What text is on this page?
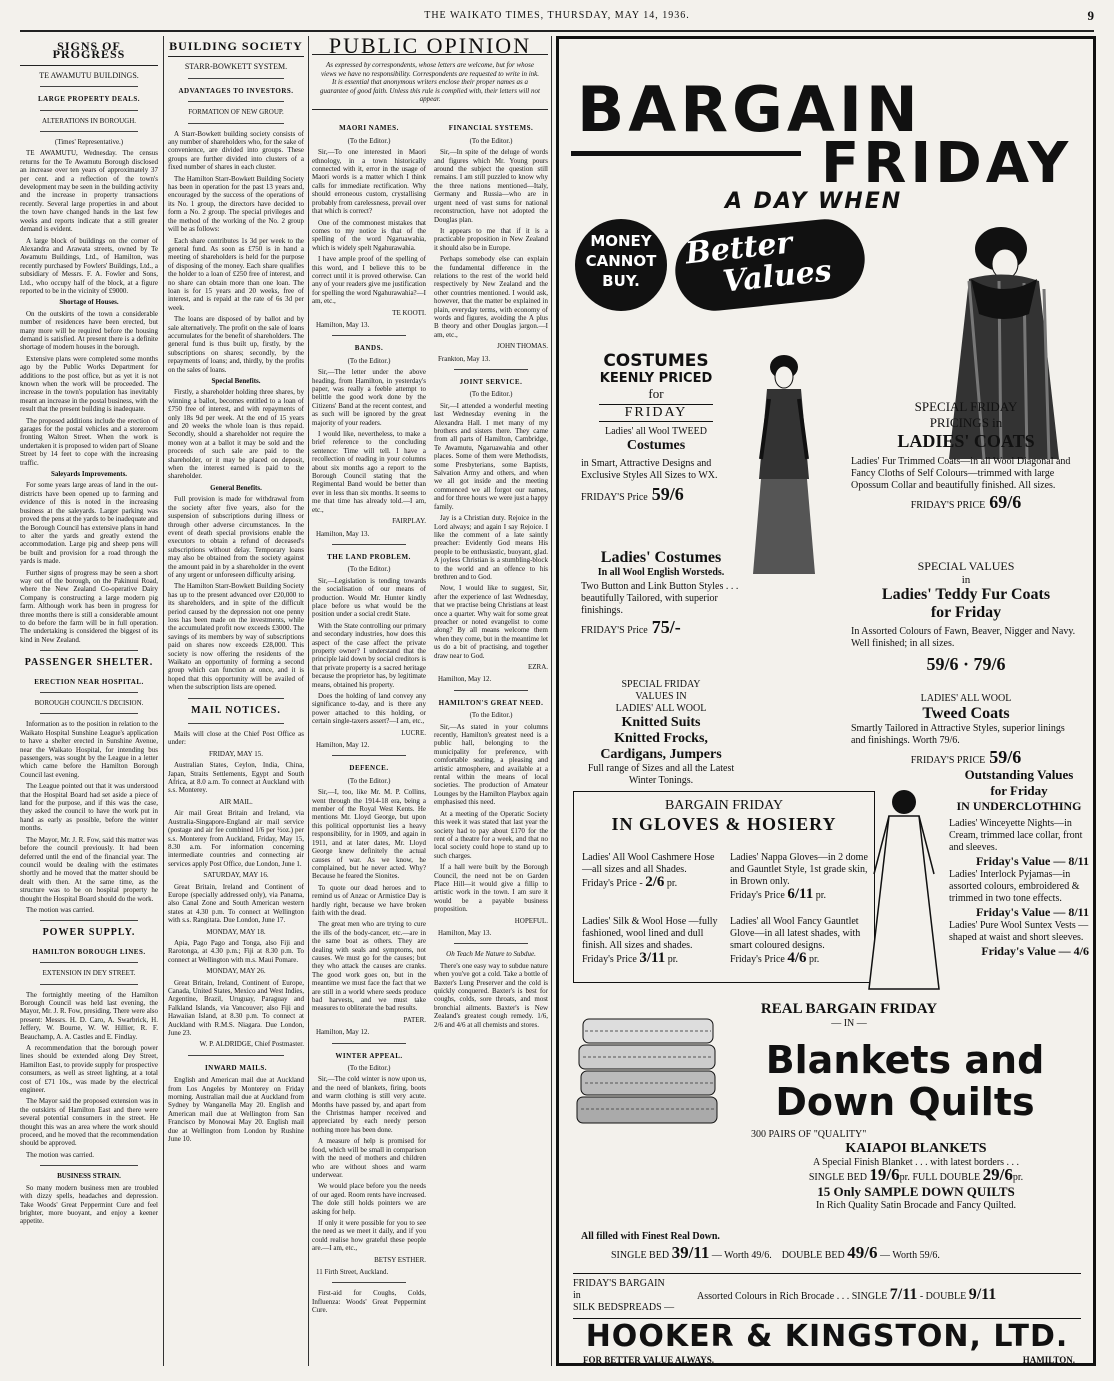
THE WAIKATO TIMES, THURSDAY, MAY 14, 1936.	9
SIGNS OF PROGRESS
TE AWAMUTU BUILDINGS.
LARGE PROPERTY DEALS.
ALTERATIONS IN BOROUGH.
(Times' Representative.)

TE AWAMUTU, Wednesday. The census returns for the Te Awamutu Borough disclosed an increase over ten years of approximately 37 per cent. and a reflection of the town's development may be seen in the building activity and the increase in property transactions recently. Several large properties in and about the town have changed hands in the last few weeks and reports indicate that a still greater demand is evident.

A large block of buildings on the corner of Alexandra and Arawata streets, owned by Te Awamutu Buildings, Ltd., of Hamilton, was recently purchased by Fowlers' Buildings, Ltd., a subsidiary of Messrs. F. A. Fowler and Sons, Ltd., who occupy half of the block, at a figure reported to be in the vicinity of £9000.

Shortage of Houses.

On the outskirts of the town a considerable number of residences have been erected, but many more will be required before the housing demand is satisfied. At present there is a definite shortage of modern houses in the borough.

Extensive plans were completed some months ago by the Public Works Department for additions to the post office, but as yet it is not known when the work will be proceeded. The increase in the town's population has inevitably meant an increase in the postal business, with the result that the present building is inadequate.

The proposed additions include the erection of garages for the postal vehicles and a storeroom fronting Walton Street. When the work is undertaken it is proposed to widen part of Sloane Street by 14 feet to cope with the increasing traffic.

Saleyards Improvements.

For some years large areas of land in the out-districts have been opened up to farming and evidence of this is noted in the increasing business at the saleyards. Larger parking was proved the pens at the yards to be inadequate and the Borough Council has extensive plans in hand to alter the yards and greatly extend the accommodation. Large pig and sheep pens will be built and provision for a road through the yards is made.

Further signs of progress may be seen a short way out of the borough, on the Pakinuui Road, where the New Zealand Co-operative Dairy Company is constructing a large modern pig farm. Although work has been in progress for three months there is still a considerable amount to do before the farm will be in full operation. The undertaking is considered the biggest of its kind in New Zealand.

PASSENGER SHELTER.
ERECTION NEAR HOSPITAL.
BOROUGH COUNCIL'S DECISION.

Information as to the position in relation to the Waikato Hospital Sunshine League's application to have a shelter erected in Sunshine Avenue, near the Waikato Hospital, for intending bus passengers, was sought by the League in a letter which came before the Hamilton Borough Council last evening.

The League pointed out that it was understood that the Hospital Board had set aside a piece of land for the purpose, and if this was the case, they asked the council to have the work put in hand as early as possible, before the winter months.

The Mayor, Mr. J. R. Fow, said this matter was before the council previously. It had been deferred until the end of the financial year. The council would be dealing with the estimates shortly and he moved that the matter should be dealt with then. At the same time, as the structure was to be on hospital property he thought the Hospital Board should do the work.

The motion was carried.

POWER SUPPLY.
HAMILTON BOROUGH LINES.
EXTENSION IN DEY STREET.

The fortnightly meeting of the Hamilton Borough Council was held last evening, the Mayor, Mr. J. R. Fow, presiding. There were also present: Messrs. H. D. Caro, A. Swarbrick, H. Jeffery, W. Bourne, W. W. Hillier, R. F. Beauchamp, A. A. Castles and E. Findlay.

A recommendation that the borough power lines should be extended along Dey Street, Hamilton East, to provide supply for prospective consumers, as well as street lighting, at a total cost of £71 10s., was made by the electrical engineer.

The Mayor said the proposed extension was in the outskirts of Hamilton East and there were several potential consumers in the street. He thought this was an area where the work should proceed, and he moved that the recommendation should be approved.

The motion was carried.

BUSINESS STRAIN.

So many modern business men are troubled with dizzy spells, headaches and depression. Take Woods' Great Peppermint Cure and feel brighter, more buoyant, and enjoy a keener appetite.

BUILDING SOCIETY
STARR-BOWKETT SYSTEM.
ADVANTAGES TO INVESTORS.
FORMATION OF NEW GROUP.

A Starr-Bowkett building society consists of any number of shareholders who, for the sake of convenience, are divided into groups. These groups are further divided into clusters of a fixed number of shares in each cluster.

The Hamilton Starr-Bowkett Building Society has been in operation for the past 13 years and, encouraged by the success of the operations of its No. 1 group, the directors have decided to form a No. 2 group. The special privileges and the method of the working of the No. 2 group will be as follows:

Each share contributes 1s 3d per week to the general fund. As soon as £750 is in hand a meeting of shareholders is held for the purpose of disposing of the money. Each share qualifies the holder to a loan of £250 free of interest, and no share can obtain more than one loan. The loan is for 15 years and 20 weeks, free of interest, and is repaid at the rate of 6s 3d per week.

The loans are disposed of by ballot and by sale alternatively. The profit on the sale of loans accumulates for the benefit of shareholders. The general fund is thus built up, firstly, by the subscriptions on shares; secondly, by the repayments of loans; and, thirdly, by the profits on the sales of loans.

Special Benefits.

Firstly, a shareholder holding three shares, by winning a ballot, becomes entitled to a loan of £750 free of interest, and with repayments of only 18s 9d per week. At the end of 15 years and 20 weeks the whole loan is thus repaid. Secondly, should a shareholder not require the money won at a ballot it may be sold and the proceeds of such sale are paid to the shareholder, or it may be placed on deposit, when the interest earned is paid to the shareholder.

General Benefits.

Full provision is made for withdrawal from the society after five years, also for the suspension of subscriptions during illness or through other adverse circumstances. In the event of death special provisions enable the executors to obtain a refund of deceased's subscriptions without delay. Temporary loans may also be obtained from the society against the amount paid in by a shareholder in the event of any urgent or unforeseen difficulty arising.

The Hamilton Starr-Bowkett Building Society has up to the present advanced over £20,000 to its shareholders, and in spite of the difficult period caused by the depression not one penny loss has been made on the investments, while the accumulated profit now exceeds £3000. The savings of its members by way of subscriptions paid on shares now exceeds £28,000. This society is now offering the residents of the Waikato an opportunity of forming a second group which can function at once, and it is hoped that this opportunity will be availed of when the subscription lists are opened.

MAIL NOTICES.

Mails will close at the Chief Post Office as under:

FRIDAY, MAY 15.

Australian States, Ceylon, India, China, Japan, Straits Settlements, Egypt and South Africa, at 8.0 a.m. To connect at Auckland with s.s. Monterey.

AIR MAIL.

Air mail Great Britain and Ireland, via Australia-Singapore-England air mail service (postage and air fee combined 1/6 per ½oz.) per s.s. Monterey from Auckland, Friday, May 15, 8.30 a.m. For information concerning intermediate countries and connecting air services apply Post Office, due London, June 1.

SATURDAY, MAY 16.

Great Britain, Ireland and Continent of Europe (specially addressed only), via Panama, also Canal Zone and South American western states at 4.30 p.m. To connect at Wellington with s.s. Rangitata. Due London, June 17.

MONDAY, MAY 18.

Apia, Pago Pago and Tonga, also Fiji and Rarotonga, at 4.30 p.m.; Fiji at 8.30 p.m. To connect at Wellington with m.s. Maui Pomare.

MONDAY, MAY 26.

Great Britain, Ireland, Continent of Europe, Canada, United States, Mexico and West Indies, Argentine, Brazil, Uruguay, Paraguay and Falkland Islands, via Vancouver; also Fiji and Hawaiian Island, at 8.30 p.m. To connect at Auckland with R.M.S. Niagara. Due London, June 23.

W. P. ALDRIDGE, Chief Postmaster.
INWARD MAILS.

English and American mail due at Auckland from Los Angeles by Monterey on Friday morning. Australian mail due at Auckland from Sydney by Wanganella May 20. English and American mail due at Wellington from San Francisco by Monowai May 20. English mail due at Wellington from London by Rushine June 10.

PUBLIC OPINION
As expressed by correspondents, whose letters are welcome, but for whose views we have no responsibility. Correspondents are requested to write in ink. It is essential that anonymous writers enclose their proper names as a guarantee of good faith. Unless this rule is complied with, their letters will not appear.
MAORI NAMES.
(To the Editor.)

Sir,—To one interested in Maori ethnology, in a town historically connected with it, error in the usage of Maori words is a matter which I think calls for immediate rectification. Why should erroneous custom, crystallising probably from carelessness, prevail over that which is correct?

One of the commonest mistakes that comes to my notice is that of the spelling of the word Ngaruawahia, which is widely spelt Ngahurawahia.

I have ample proof of the spelling of this word, and I believe this to be correct until it is proved otherwise. Can any of your readers give me justification for spelling the word Ngahurawahia?—I am, etc.,

TE KOOTI.
Hamilton, May 13.
BANDS.
(To the Editor.)

Sir,—The letter under the above heading, from Hamilton, in yesterday's paper, was really a feeble attempt to belittle the good work done by the Citizens' Band at the recent contest, and as such will be ignored by the great majority of your readers.

I would like, nevertheless, to make a brief reference to the concluding sentence: Time will tell. I have a recollection of reading in your columns about six months ago a report to the Borough Council stating that the Regimental Band would be better than ever in less than six months. It seems to me that time has already told.—I am, etc.,

FAIRPLAY.
Hamilton, May 13.
THE LAND PROBLEM.
(To the Editor.)

Sir,—Legislation is tending towards the socialisation of our means of production. Would Mr. Hunter kindly place before us what would be the position under a social credit State.

With the State controlling our primary and secondary industries, how does this aspect of the case affect the private property owner? I understand that the principle laid down by social creditors is that private property is a sacred heritage because the proprietor has, by legitimate means, obtained his property.

Does the holding of land convey any significance to-day, and is there any power attached to this holding, or certain single-taxers assert?—I am, etc.,

LUCRE.
Hamilton, May 12.
DEFENCE.
(To the Editor.)

Sir,—I, too, like Mr. M. P. Collins, went through the 1914-18 era, being a member of the Royal West Kents. He mentions Mr. Lloyd George, but upon this political opportunist lies a heavy responsibility, for in 1909, and again in 1911, and at later dates, Mr. Lloyd George knew definitely the actual causes of war. As we know, he complained, but he never acted. Why? Because he feared the Sionites.

To quote our dead heroes and to remind us of Anzac or Armistice Day is hardly right, because we have broken faith with the dead.

The great men who are trying to cure the ills of the body-cancer, etc.—are in the same boat as others. They are dealing with seals and symptoms, not causes. We must go for the causes; but they who attack the causes are cranks. The good work goes on, but in the meantime we must face the fact that we are still in a world where seeds produce bad harvests, and we must take measures to obliterate the bad results.

PATER.
Hamilton, May 12.
WINTER APPEAL.
(To the Editor.)

Sir,—The cold winter is now upon us, and the need of blankets, firing, boots and warm clothing is still very acute. Months have passed by, and apart from the Christmas hamper received and appreciated by each needy person nothing more has been done.

A measure of help is promised for food, which will be small in comparison with the need of mothers and children who are without shoes and warm underwear.

We would place before you the needs of our aged. Room rents have increased. The dole still holds pointers we are asking for help.

If only it were possible for you to see the need as we meet it daily, and if you could realise how grateful these people are.—I am, etc.,

BETSY ESTHER.
11 Firth Street, Auckland.

First-aid for Coughs, Colds, Influenza: Woods' Great Peppermint Cure.

FINANCIAL SYSTEMS.
(To the Editor.)

Sir,—In spite of the deluge of words and figures which Mr. Young pours around the subject the question still remains. I am still puzzled to know why the three nations mentioned—Italy, Germany and Russia—who are in urgent need of vast sums for national reconstruction, have not adopted the Douglas plan.

It appears to me that if it is a practicable proposition in New Zealand it should also be in Europe.

Perhaps somebody else can explain the fundamental difference in the relations to the rest of the world held respectively by New Zealand and the other countries mentioned. I would ask, however, that the matter be explained in plain, everyday terms, with economy of words and figures, avoiding the A plus B theory and other Douglas jargon.—I am, etc.,

JOHN THOMAS.
Frankton, May 13.
JOINT SERVICE.
(To the Editor.)

Sir,—I attended a wonderful meeting last Wednesday evening in the Alexandra Hall. I met many of my brothers and sisters there. They came from all parts of Hamilton, Cambridge, Te Awamutu, Ngaruawahia and other places. Some of them were Methodists, some Presbyterians, some Baptists, Salvation Army and others, and when we all got inside and the meeting commenced we all forgot our names, and for three hours we were just a happy family.

Jay is a Christian duty. Rejoice in the Lord always; and again I say Rejoice. I like the comment of a late saintly preacher: Evidently God means His people to be enthusiastic, buoyant, glad. A joyless Christian is a stumbling-block to the world and an offence to his brethren and to God.

Now, I would like to suggest, Sir, after the experience of last Wednesday, that we practise being Christians at least once a quarter. Why wait for some great preacher or noted evangelist to come along? By all means welcome them when they come, but in the meantime let us do a bit of practising, and together draw near to God.

EZRA.
Hamilton, May 12.
HAMILTON'S GREAT NEED.
(To the Editor.)

Sir,—As stated in your columns recently, Hamilton's greatest need is a public hall, belonging to the municipality for preference, with comfortable seating, a pleasing and artistic atmosphere, and available at a rental within the means of local societies. The production of Amateur Lounges by the Hamilton Playbox again emphasised this need.

At a meeting of the Operatic Society this week it was stated that last year the society had to pay about £170 for the rent of a theatre for a week, and that no local society could hope to stand up to such charges.

If a hall were built by the Borough Council, the need not be on Garden Place Hill—it would give a fillip to artistic work in the town. I am sure it would be a payable business proposition.

HOPEFUL.
Hamilton, May 13.
Oh Teach Me Nature to Subdue.

There's one easy way to subdue nature when you've got a cold. Take a bottle of Baxter's Lung Preserver and the cold is quickly conquered. Baxter's is best for coughs, colds, sore throats, and most bronchial ailments. Baxter's is New Zealand's greatest cough remedy. 1/6, 2/6 and 4/6 at all chemists and stores.

BARGAIN
FRIDAY
A DAY WHEN
MONEY
CANNOT
BUY.
Better
Values
COSTUMES
KEENLY PRICED
for
FRIDAY
Ladies' all Wool TWEED
Costumes
in Smart, Attractive Designs and Exclusive Styles All Sizes to WX.
FRIDAY'S Price 59/6
Ladies' Costumes
In all Wool English Worsteds.
Two Button and Link Button Styles . . . beautifully Tailored, with superior finishings.
FRIDAY'S Price 75/-
SPECIAL FRIDAY
VALUES IN
LADIES' ALL WOOL
Knitted Suits
Knitted Frocks,
Cardigans, Jumpers
Full range of Sizes and all the Latest Winter Tonings.
SPECIAL FRIDAY
PRICINGS in
LADIES' COATS
Ladies' Fur Trimmed Coats—in all Wool Diagonal and Fancy Cloths of Self Colours—trimmed with large Opossum Collar and beautifully finished. All sizes.
FRIDAY'S PRICE 69/6
SPECIAL VALUES
in
Ladies' Teddy Fur Coats
for Friday
In Assorted Colours of Fawn, Beaver, Nigger and Navy. Well finished; in all sizes.
59/6 · 79/6
LADIES' ALL WOOL
Tweed Coats
Smartly Tailored in Attractive Styles, superior linings and finishings. Worth 79/6.
FRIDAY'S PRICE 59/6
BARGAIN FRIDAY
IN GLOVES & HOSIERY
Ladies' All Wool Cashmere Hose—all sizes and all Shades.
Friday's Price - 2/6 pr.
Ladies' Nappa Gloves—in 2 dome and Gauntlet Style, 1st grade skin, in Brown only.
Friday's Price 6/11 pr.
Ladies' Silk & Wool Hose —fully fashioned, wool lined and dull finish. All sizes and shades.
Friday's Price 3/11 pr.
Ladies' all Wool Fancy Gauntlet Glove—in all latest shades, with smart coloured designs.
Friday's Price 4/6 pr.
Outstanding Values
for Friday
IN UNDERCLOTHING
Ladies' Winceyette Nights—in Cream, trimmed lace collar, front and sleeves.
Friday's Value — 8/11
Ladies' Interlock Pyjamas—in assorted colours, embroidered & trimmed in two tone effects.
Friday's Value — 8/11
Ladies' Pure Wool Suntex Vests —shaped at waist and short sleeves.
Friday's Value — 4/6
REAL BARGAIN FRIDAY
— IN —
Blankets and
Down Quilts
300 PAIRS OF "QUALITY"
KAIAPOI BLANKETS
A Special Finish Blanket . . . with latest borders . . .
SINGLE BED 19/6pr. FULL DOUBLE 29/6pr.
15 Only SAMPLE DOWN QUILTS
In Rich Quality Satin Brocade and Fancy Quilted.
All filled with Finest Real Down.
SINGLE BED 39/11 — Worth 49/6. DOUBLE BED 49/6 — Worth 59/6.
FRIDAY'S BARGAIN
in
SILK BEDSPREADS —
Assorted Colours in Rich Brocade . . . SINGLE 7/11 - DOUBLE 9/11
HOOKER & KINGSTON, LTD.
FOR BETTER VALUE ALWAYS.	HAMILTON.
